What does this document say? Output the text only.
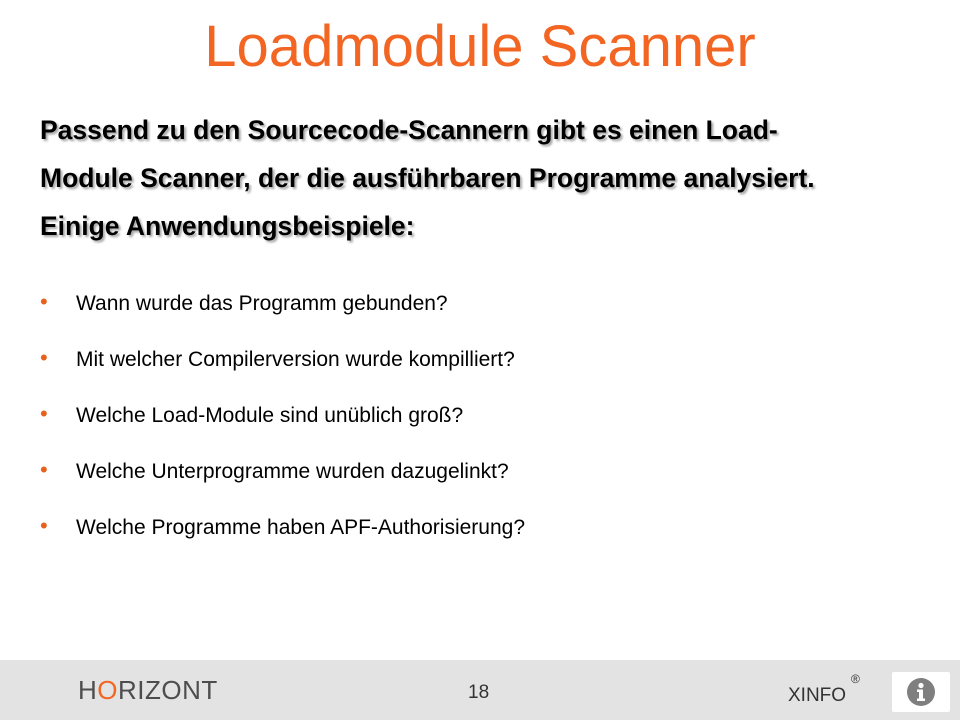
Loadmodule Scanner
Passend zu den Sourcecode-Scannern gibt es einen Load-
Module Scanner, der die ausführbaren Programme analysiert.
Einige Anwendungsbeispiele:
•	Wann wurde das Programm gebunden?
•	Mit welcher Compilerversion wurde kompilliert?
•	Welche Load-Module sind unüblich groß?
•	Welche Unterprogramme wurden dazugelinkt?
•	Welche Programme haben APF-Authorisierung?
HORIZONT	18	XINFO
®
